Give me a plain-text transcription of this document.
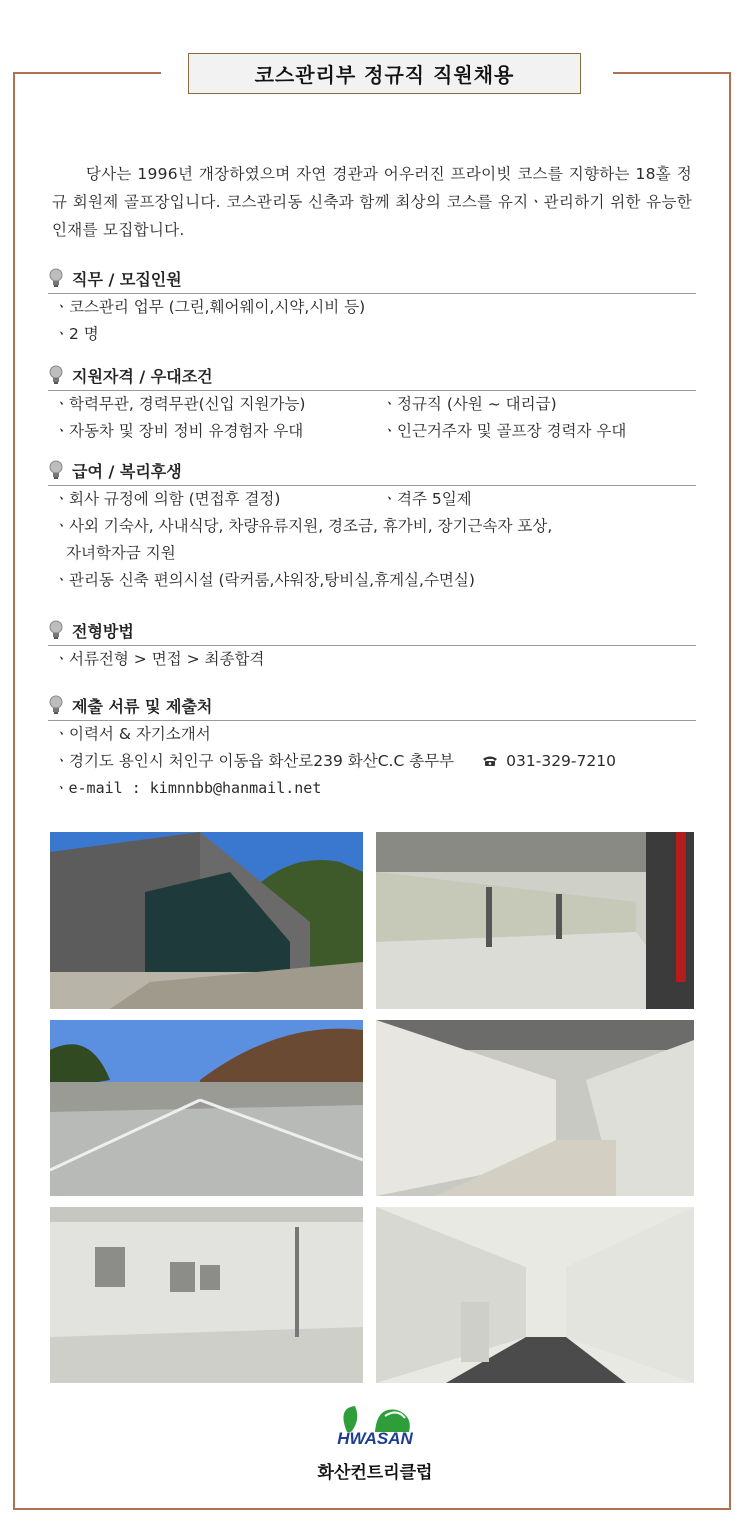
코스관리부 정규직 직원채용
당사는 1996년 개장하였으며 자연 경관과 어우러진 프라이빗 코스를 지향하는 18홀 정규 회원제 골프장입니다. 코스관리동 신축과 함께 최상의 코스를 유지ㆍ관리하기 위한 유능한 인재를 모집합니다.
직무 / 모집인원
ㆍ코스관리 업무 (그린,훼어웨이,시약,시비 등)
ㆍ2 명
지원자격 / 우대조건
ㆍ학력무관, 경력무관(신입 지원가능)	ㆍ정규직 (사원 ~ 대리급)
ㆍ자동차 및 장비 정비 유경험자 우대	ㆍ인근거주자 및 골프장 경력자 우대
급여 / 복리후생
ㆍ회사 규정에 의함 (면접후 결정)	ㆍ격주 5일제
ㆍ사외 기숙사, 사내식당, 차량유류지원, 경조금, 휴가비, 장기근속자 포상,
자녀학자금 지원
ㆍ관리동 신축 편의시설 (락커룸,샤워장,탕비실,휴게실,수면실)
전형방법
ㆍ서류전형 > 면접 > 최종합격
제출 서류 및 제출처
ㆍ이력서 & 자기소개서
ㆍ경기도 용인시 처인구 이동읍 화산로239 화산C.C 총무부	031-329-7210
ㆍe-mail : kimnnbb@hanmail.net
HWASAN
화산컨트리클럽
